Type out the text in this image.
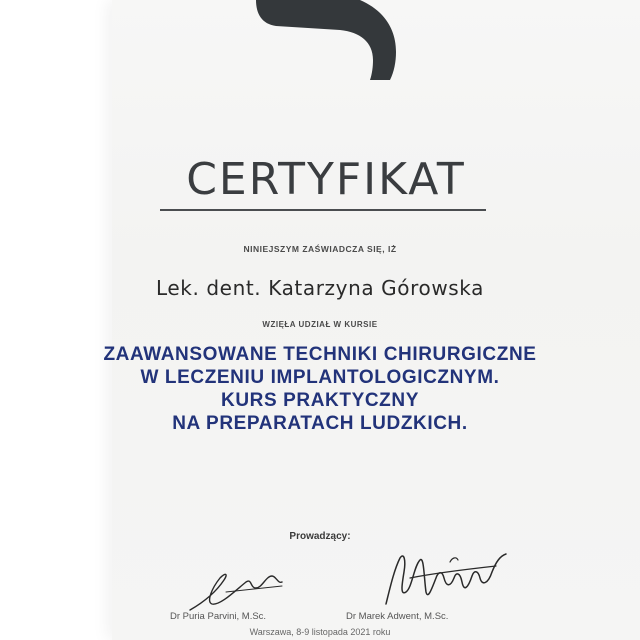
CERTYFIKAT
NINIEJSZYM ZAŚWIADCZA SIĘ, IŻ
Lek. dent. Katarzyna Górowska
WZIĘŁA UDZIAŁ W KURSIE
ZAAWANSOWANE TECHNIKI CHIRURGICZNE
W LECZENIU IMPLANTOLOGICZNYM.
KURS PRAKTYCZNY
NA PREPARATACH LUDZKICH.
Prowadzący:
Dr Puria Parvini, M.Sc.	Dr Marek Adwent, M.Sc.
Warszawa, 8-9 listopada 2021 roku
